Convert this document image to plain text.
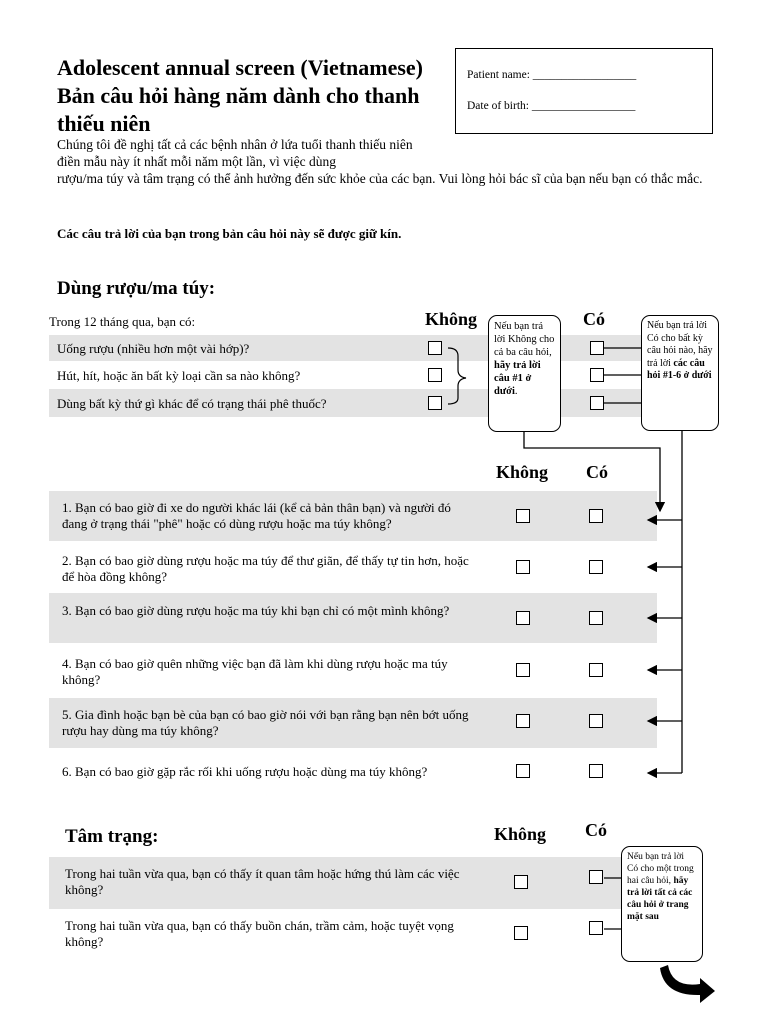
Adolescent annual screen (Vietnamese)
Bản câu hỏi hàng năm dành cho thanh thiếu niên
Patient name: __________________
Date of birth: __________________
Chúng tôi đề nghị tất cả các bệnh nhân ở lứa tuổi thanh thiếu niên điền mẫu này ít nhất mỗi năm một lần, vì việc dùng
rượu/ma túy và tâm trạng có thể ảnh hưởng đến sức khỏe của các bạn. Vui lòng hỏi bác sĩ của bạn nếu bạn có thắc mắc.
Các câu trả lời của bạn trong bản câu hỏi này sẽ được giữ kín.
Dùng rượu/ma túy:
Trong 12 tháng qua, bạn có:	Không	Có
Uống rượu (nhiều hơn một vài hớp)?
Hút, hít, hoặc ăn bất kỳ loại cần sa nào không?
Dùng bất kỳ thứ gì khác để có trạng thái phê thuốc?
Không Có
1. Bạn có bao giờ đi xe do người khác lái (kể cả bản thân bạn) và người đó đang ở trạng thái "phê" hoặc có dùng rượu hoặc ma túy không?
2. Bạn có bao giờ dùng rượu hoặc ma túy để thư giãn, để thấy tự tin hơn, hoặc để hòa đồng không?
3. Bạn có bao giờ dùng rượu hoặc ma túy khi bạn chỉ có một mình không?
4. Bạn có bao giờ quên những việc bạn đã làm khi dùng rượu hoặc ma túy không?
5. Gia đình hoặc bạn bè của bạn có bao giờ nói với bạn rằng bạn nên bớt uống rượu hay dùng ma túy không?
6. Bạn có bao giờ gặp rắc rối khi uống rượu hoặc dùng ma túy không?
Tâm trạng:	Không Có
Trong hai tuần vừa qua, bạn có thấy ít quan tâm hoặc hứng thú làm các việc không?
Trong hai tuần vừa qua, bạn có thấy buồn chán, trầm cảm, hoặc tuyệt vọng không?
Nếu bạn trả lời Không cho cả ba câu hỏi, hãy trả lời câu #1 ở dưới.
Nếu bạn trả lời Có cho bất kỳ câu hỏi nào, hãy trả lời các câu hỏi #1-6 ở dưới
Nếu bạn trả lời Có cho một trong hai câu hỏi, hãy trả lời tất cả các câu hỏi ở trang mặt sau
